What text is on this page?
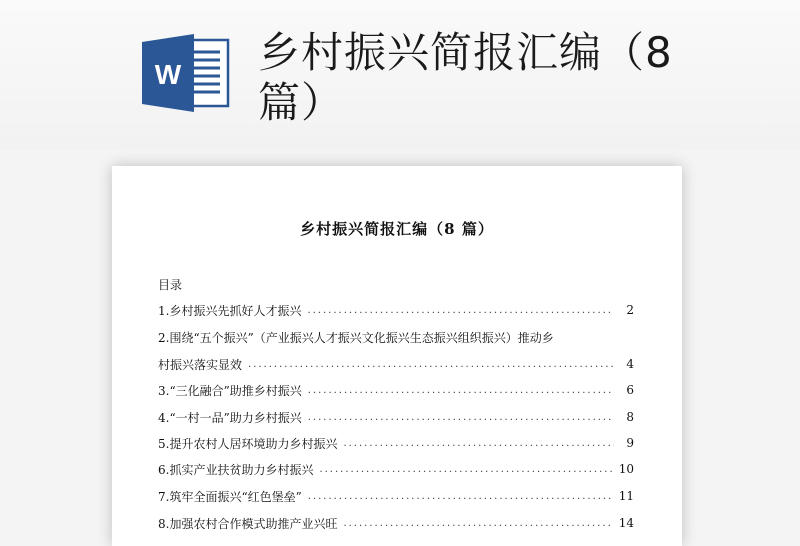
W 乡村振兴简报汇编（8篇）
乡村振兴简报汇编（8 篇）
目录
1.乡村振兴先抓好人才振兴 .....	2
2.围绕“五个振兴”（产业振兴人才振兴文化振兴生态振兴组织振兴）推动乡
村振兴落实显效 .....	4
3.“三化融合”助推乡村振兴 .....	6
4.“一村一品”助力乡村振兴 .....	8
5.提升农村人居环境助力乡村振兴 .....	9
6.抓实产业扶贫助力乡村振兴 .....	10
7.筑牢全面振兴“红色堡垒” .....	11
8.加强农村合作模式助推产业兴旺 .....	14
